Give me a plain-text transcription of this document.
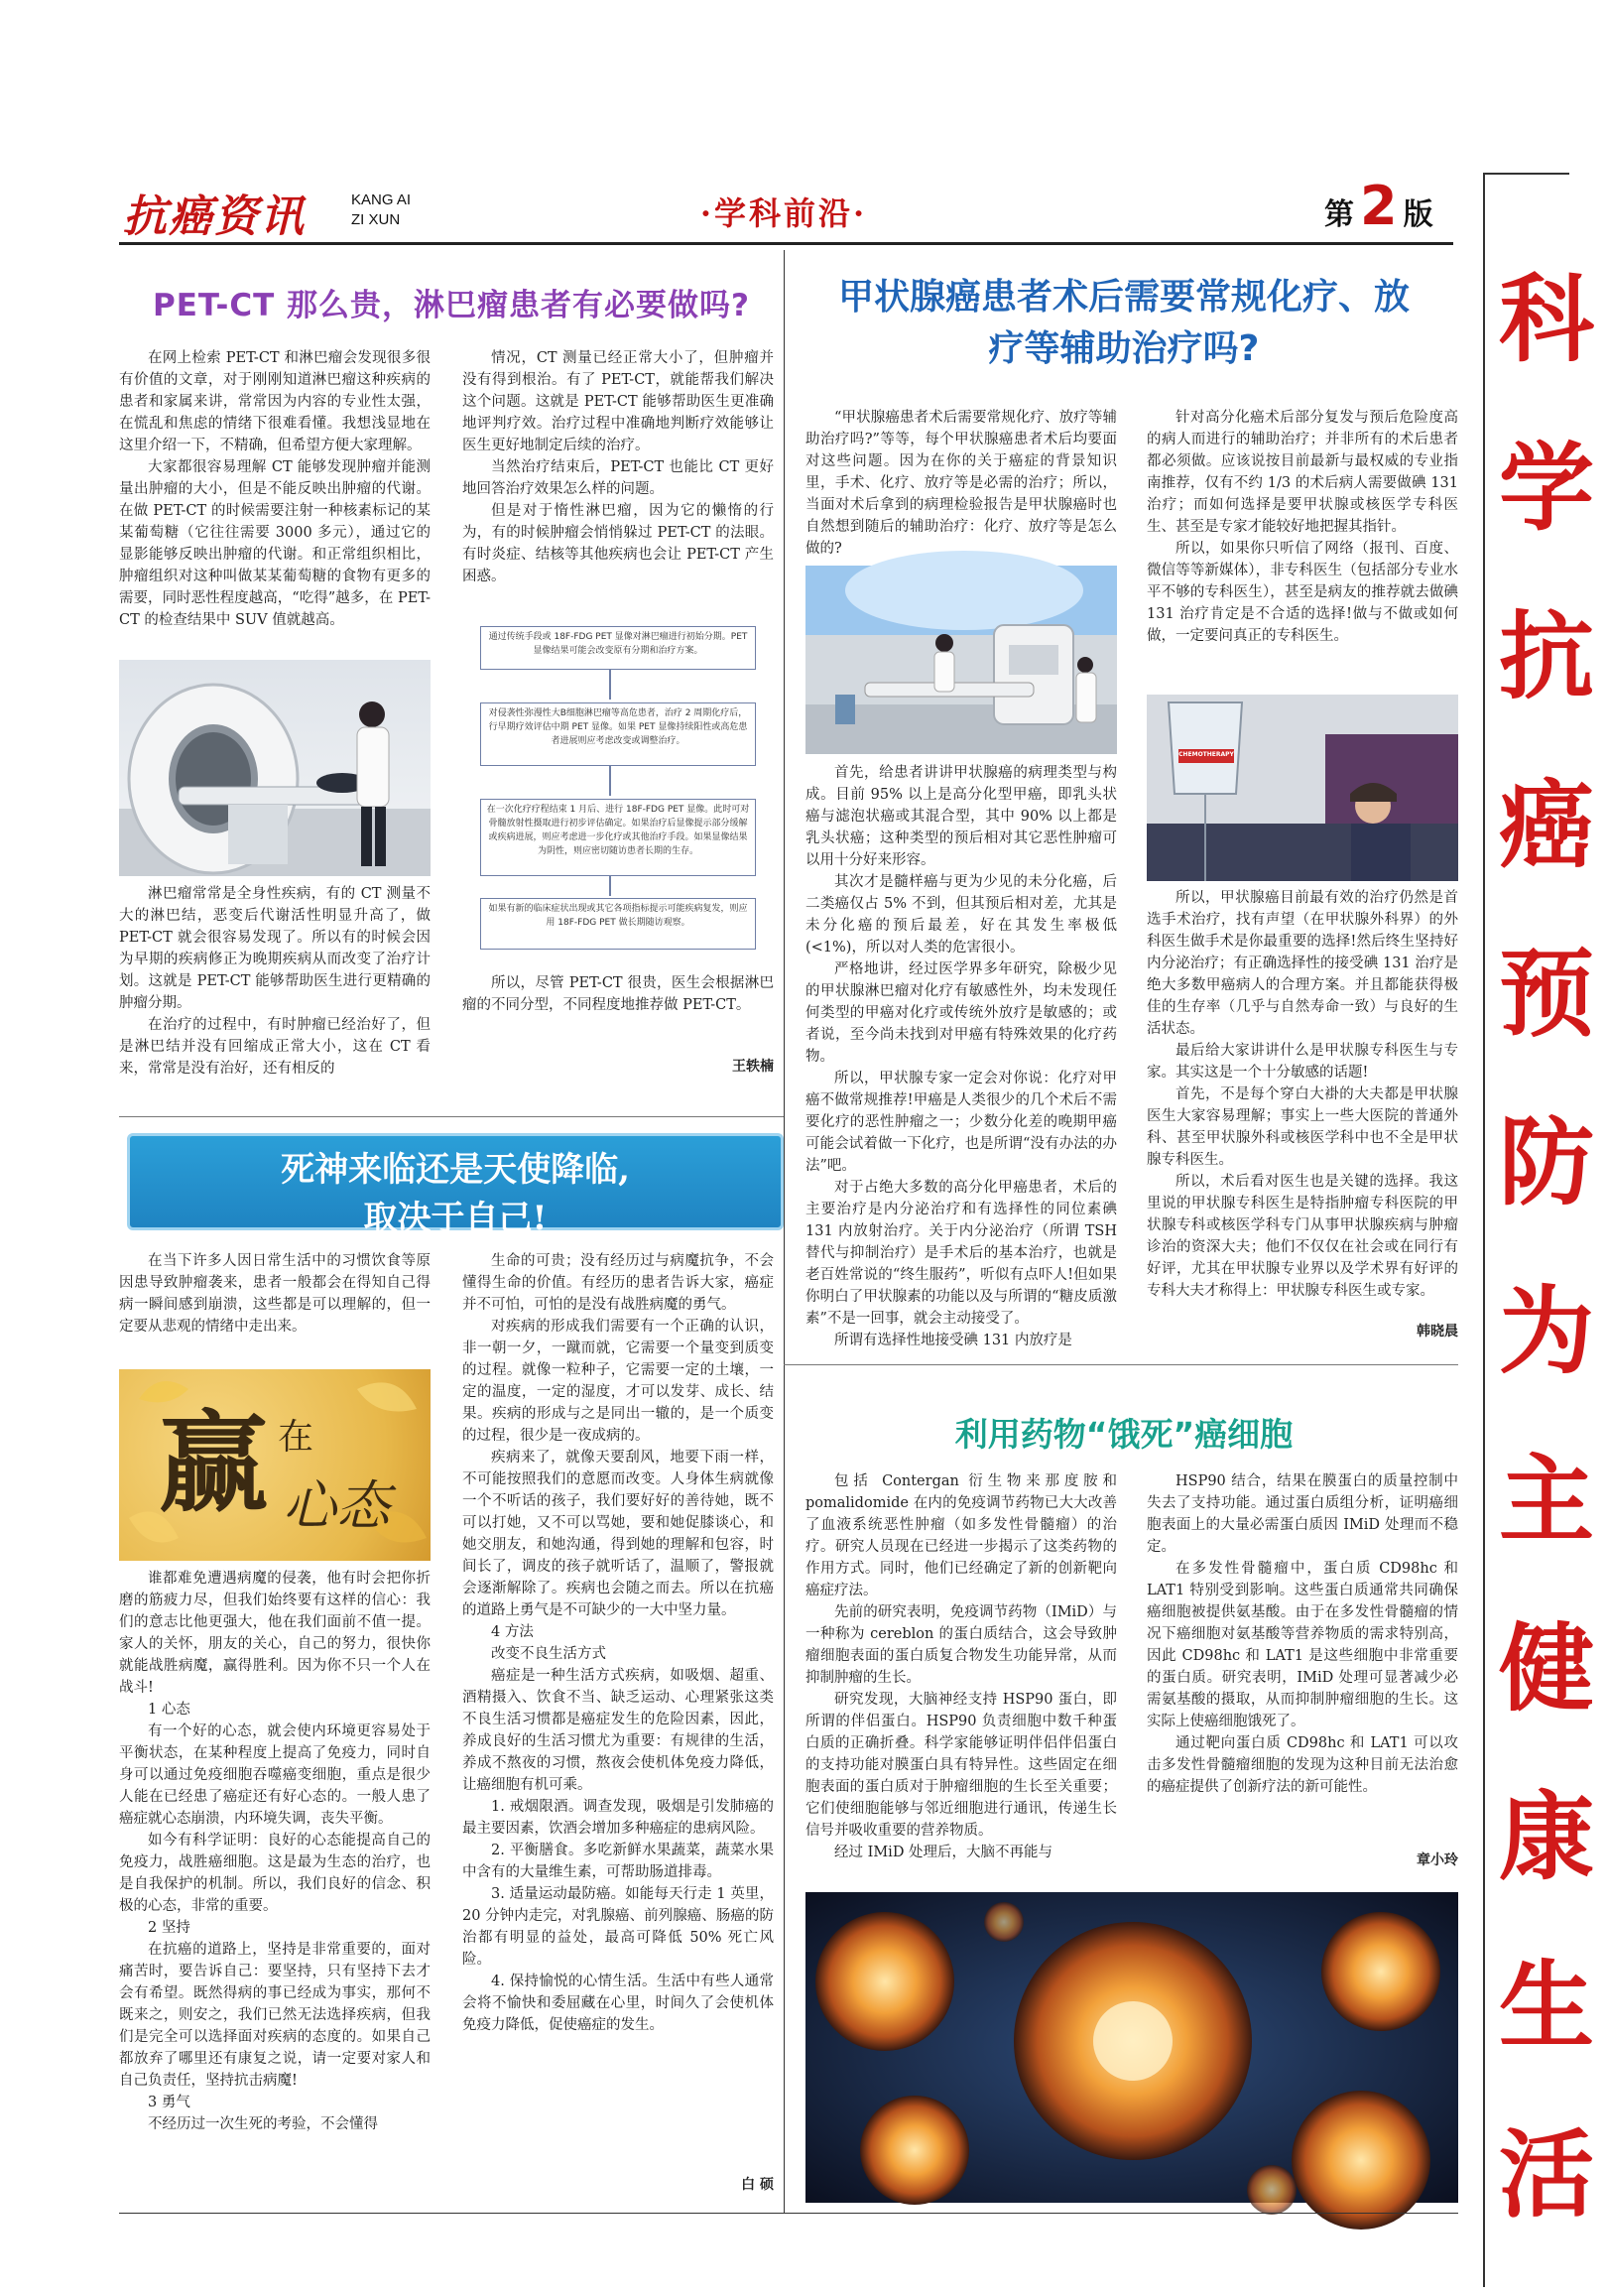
抗癌资讯	KANG AI
ZI XUN	·学科前沿·	第 2 版
科
学
抗
癌
预
防
为
主
健
康
生
活
PET-CT 那么贵，淋巴瘤患者有必要做吗?

在网上检索 PET-CT 和淋巴瘤会发现很多很有价值的文章，对于刚刚知道淋巴瘤这种疾病的患者和家属来讲，常常因为内容的专业性太强，在慌乱和焦虑的情绪下很难看懂。我想浅显地在这里介绍一下，不精确，但希望方便大家理解。

大家都很容易理解 CT 能够发现肿瘤并能测量出肿瘤的大小，但是不能反映出肿瘤的代谢。在做 PET-CT 的时候需要注射一种核素标记的某某葡萄糖（它往往需要 3000 多元），通过它的显影能够反映出肿瘤的代谢。和正常组织相比，肿瘤组织对这种叫做某某葡萄糖的食物有更多的需要，同时恶性程度越高，“吃得”越多，在 PET-CT 的检查结果中 SUV 值就越高。

淋巴瘤常常是全身性疾病，有的 CT 测量不大的淋巴结，恶变后代谢活性明显升高了，做 PET-CT 就会很容易发现了。所以有的时候会因为早期的疾病修正为晚期疾病从而改变了治疗计划。这就是 PET-CT 能够帮助医生进行更精确的肿瘤分期。

在治疗的过程中，有时肿瘤已经治好了，但是淋巴结并没有回缩成正常大小，这在 CT 看来，常常是没有治好，还有相反的

情况，CT 测量已经正常大小了，但肿瘤并没有得到根治。有了 PET-CT，就能帮我们解决这个问题。这就是 PET-CT 能够帮助医生更准确地评判疗效。治疗过程中准确地判断疗效能够让医生更好地制定后续的治疗。

当然治疗结束后，PET-CT 也能比 CT 更好地回答治疗效果怎么样的问题。

但是对于惰性淋巴瘤，因为它的懒惰的行为，有的时候肿瘤会悄悄躲过 PET-CT 的法眼。有时炎症、结核等其他疾病也会让 PET-CT 产生困惑。

通过传统手段或 18F-FDG PET 显像对淋巴瘤进行初始分期。PET 显像结果可能会改变原有分期和治疗方案。
对侵袭性弥漫性大B细胞淋巴瘤等高危患者，治疗 2 周期化疗后，行早期疗效评估中期 PET 显像。如果 PET 显像持续阳性或高危患者进展则应考虑改变或调整治疗。
在一次化疗疗程结束 1 月后、进行 18F-FDG PET 显像。此时可对骨髓放射性摄取进行初步评估确定。如果治疗后显像提示部分缓解或疾病进展，则应考虑进一步化疗或其他治疗手段。如果显像结果为阴性，则应密切随访患者长期的生存。
如果有新的临床症状出现或其它各项指标提示可能疾病复发，则应用 18F-FDG PET 做长期随访观察。

所以，尽管 PET-CT 很贵，医生会根据淋巴瘤的不同分型，不同程度地推荐做 PET-CT。

王轶楠
甲状腺癌患者术后需要常规化疗、放
疗等辅助治疗吗?

“甲状腺癌患者术后需要常规化疗、放疗等辅助治疗吗?”等等，每个甲状腺癌患者术后均要面对这些问题。因为在你的关于癌症的背景知识里，手术、化疗、放疗等是必需的治疗；所以，当面对术后拿到的病理检验报告是甲状腺癌时也自然想到随后的辅助治疗：化疗、放疗等是怎么做的?

首先，给患者讲讲甲状腺癌的病理类型与构成。目前 95% 以上是高分化型甲癌，即乳头状癌与滤泡状癌或其混合型，其中 90% 以上都是乳头状癌；这种类型的预后相对其它恶性肿瘤可以用十分好来形容。

其次才是髓样癌与更为少见的未分化癌，后二类癌仅占 5% 不到，但其预后相对差，尤其是未分化癌的预后最差，好在其发生率极低 (<1%)，所以对人类的危害很小。

严格地讲，经过医学界多年研究，除极少见的甲状腺淋巴瘤对化疗有敏感性外，均未发现任何类型的甲癌对化疗或传统外放疗是敏感的；或者说，至今尚未找到对甲癌有特殊效果的化疗药物。

所以，甲状腺专家一定会对你说：化疗对甲癌不做常规推荐!甲癌是人类很少的几个术后不需要化疗的恶性肿瘤之一；少数分化差的晚期甲癌可能会试着做一下化疗，也是所谓“没有办法的办法”吧。

对于占绝大多数的高分化甲癌患者，术后的主要治疗是内分泌治疗和有选择性的同位素碘 131 内放射治疗。关于内分泌治疗（所谓 TSH 替代与抑制治疗）是手术后的基本治疗，也就是老百姓常说的“终生服药”，听似有点吓人!但如果你明白了甲状腺素的功能以及与所谓的“糖皮质激素”不是一回事，就会主动接受了。

所谓有选择性地接受碘 131 内放疗是

针对高分化癌术后部分复发与预后危险度高的病人而进行的辅助治疗；并非所有的术后患者都必须做。应该说按目前最新与最权威的专业指南推荐，仅有不约 1/3 的术后病人需要做碘 131 治疗；而如何选择是要甲状腺或核医学专科医生、甚至是专家才能较好地把握其指针。

所以，如果你只听信了网络（报刊、百度、微信等等新媒体），非专科医生（包括部分专业水平不够的专科医生），甚至是病友的推荐就去做碘 131 治疗肯定是不合适的选择!做与不做或如何做，一定要问真正的专科医生。

CHEMOTHERAPY

所以，甲状腺癌目前最有效的治疗仍然是首选手术治疗，找有声望（在甲状腺外科界）的外科医生做手术是你最重要的选择!然后终生坚持好内分泌治疗；有正确选择性的接受碘 131 治疗是绝大多数甲癌病人的合理方案。并且都能获得极佳的生存率（几乎与自然寿命一致）与良好的生活状态。

最后给大家讲讲什么是甲状腺专科医生与专家。其实这是一个十分敏感的话题!

首先，不是每个穿白大褂的大夫都是甲状腺医生大家容易理解；事实上一些大医院的普通外科、甚至甲状腺外科或核医学科中也不全是甲状腺专科医生。

所以，术后看对医生也是关键的选择。我这里说的甲状腺专科医生是特指肿瘤专科医院的甲状腺专科或核医学科专门从事甲状腺疾病与肿瘤诊治的资深大夫；他们不仅仅在社会或在同行有好评，尤其在甲状腺专业界以及学术界有好评的专科大夫才称得上：甲状腺专科医生或专家。

韩晓晨
死神来临还是天使降临,
取决于自己!

在当下许多人因日常生活中的习惯饮食等原因患导致肿瘤袭来，患者一般都会在得知自己得病一瞬间感到崩溃，这些都是可以理解的，但一定要从悲观的情绪中走出来。

赢 在
心态

谁都难免遭遇病魔的侵袭，他有时会把你折磨的筋疲力尽，但我们始终要有这样的信心：我们的意志比他更强大，他在我们面前不值一提。家人的关怀，朋友的关心，自己的努力，很快你就能战胜病魔，赢得胜利。因为你不只一个人在战斗!

1 心态

有一个好的心态，就会使内环境更容易处于平衡状态，在某种程度上提高了免疫力，同时自身可以通过免疫细胞吞噬癌变细胞，重点是很少人能在已经患了癌症还有好心态的。一般人患了癌症就心态崩溃，内环境失调，丧失平衡。

如今有科学证明：良好的心态能提高自己的免疫力，战胜癌细胞。这是最为生态的治疗，也是自我保护的机制。所以，我们良好的信念、积极的心态，非常的重要。

2 坚持

在抗癌的道路上，坚持是非常重要的，面对痛苦时，要告诉自己：要坚持，只有坚持下去才会有希望。既然得病的事已经成为事实，那何不既来之，则安之，我们已然无法选择疾病，但我们是完全可以选择面对疾病的态度的。如果自己都放弃了哪里还有康复之说，请一定要对家人和自己负责任，坚持抗击病魔!

3 勇气

不经历过一次生死的考验，不会懂得

生命的可贵；没有经历过与病魔抗争，不会懂得生命的价值。有经历的患者告诉大家，癌症并不可怕，可怕的是没有战胜病魔的勇气。

对疾病的形成我们需要有一个正确的认识，非一朝一夕，一蹴而就，它需要一个量变到质变的过程。就像一粒种子，它需要一定的土壤，一定的温度，一定的湿度，才可以发芽、成长、结果。疾病的形成与之是同出一辙的，是一个质变的过程，很少是一夜成病的。

疾病来了，就像天要刮风，地要下雨一样，不可能按照我们的意愿而改变。人身体生病就像一个不听话的孩子，我们要好好的善待她，既不可以打她，又不可以骂她，要和她促膝谈心，和她交朋友，和她沟通，得到她的理解和包容，时间长了，调皮的孩子就听话了，温顺了，警报就会逐渐解除了。疾病也会随之而去。所以在抗癌的道路上勇气是不可缺少的一大中坚力量。

4 方法

改变不良生活方式

癌症是一种生活方式疾病，如吸烟、超重、酒精摄入、饮食不当、缺乏运动、心理紧张这类不良生活习惯都是癌症发生的危险因素，因此，养成良好的生活习惯尤为重要：有规律的生活，养成不熬夜的习惯，熬夜会使机体免疫力降低，让癌细胞有机可乘。

1. 戒烟限酒。调查发现，吸烟是引发肺癌的最主要因素，饮酒会增加多种癌症的患病风险。

2. 平衡膳食。多吃新鲜水果蔬菜，蔬菜水果中含有的大量维生素，可帮助肠道排毒。

3. 适量运动最防癌。如能每天行走 1 英里，20 分钟内走完，对乳腺癌、前列腺癌、肠癌的防治都有明显的益处，最高可降低 50% 死亡风险。

4. 保持愉悦的心情生活。生活中有些人通常会将不愉快和委屈藏在心里，时间久了会使机体免疫力降低，促使癌症的发生。

白 硕
利用药物“饿死”癌细胞

包括 Contergan 衍生物来那度胺和 pomalidomide 在内的免疫调节药物已大大改善了血液系统恶性肿瘤（如多发性骨髓瘤）的治疗。研究人员现在已经进一步揭示了这类药物的作用方式。同时，他们已经确定了新的创新靶向癌症疗法。

先前的研究表明，免疫调节药物（IMiD）与一种称为 cereblon 的蛋白质结合，这会导致肿瘤细胞表面的蛋白质复合物发生功能异常，从而抑制肿瘤的生长。

研究发现，大脑神经支持 HSP90 蛋白，即所谓的伴侣蛋白。HSP90 负责细胞中数千种蛋白质的正确折叠。科学家能够证明伴侣伴侣蛋白的支持功能对膜蛋白具有特异性。这些固定在细胞表面的蛋白质对于肿瘤细胞的生长至关重要；它们使细胞能够与邻近细胞进行通讯，传递生长信号并吸收重要的营养物质。

经过 IMiD 处理后，大脑不再能与

HSP90 结合，结果在膜蛋白的质量控制中失去了支持功能。通过蛋白质组分析，证明癌细胞表面上的大量必需蛋白质因 IMiD 处理而不稳定。

在多发性骨髓瘤中，蛋白质 CD98hc 和 LAT1 特别受到影响。这些蛋白质通常共同确保癌细胞被提供氨基酸。由于在多发性骨髓瘤的情况下癌细胞对氨基酸等营养物质的需求特别高，因此 CD98hc 和 LAT1 是这些细胞中非常重要的蛋白质。研究表明，IMiD 处理可显著减少必需氨基酸的摄取，从而抑制肿瘤细胞的生长。这实际上使癌细胞饿死了。

通过靶向蛋白质 CD98hc 和 LAT1 可以攻击多发性骨髓瘤细胞的发现为这种目前无法治愈的癌症提供了创新疗法的新可能性。

章小玲
